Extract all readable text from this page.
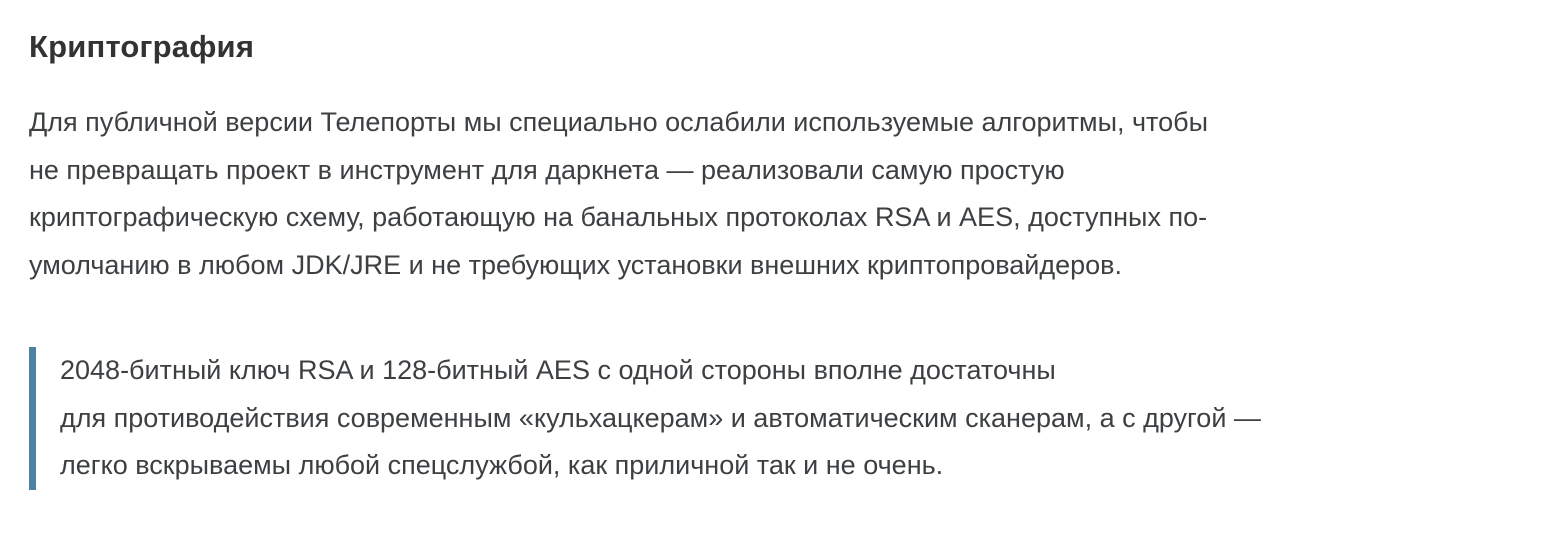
Криптография

Для публичной версии Телепорты мы специально ослабили используемые алгоритмы, чтобы
не превращать проект в инструмент для даркнета — реализовали самую простую
криптографическую схему, работающую на банальных протоколах RSA и AES, доступных по-
умолчанию в любом JDK/JRE и не требующих установки внешних криптопровайдеров.

2048-битный ключ RSA и 128-битный AES с одной стороны вполне достаточны
для противодействия современным «кульхацкерам» и автоматическим сканерам, а с другой —
легко вскрываемы любой спецслужбой, как приличной так и не очень.
